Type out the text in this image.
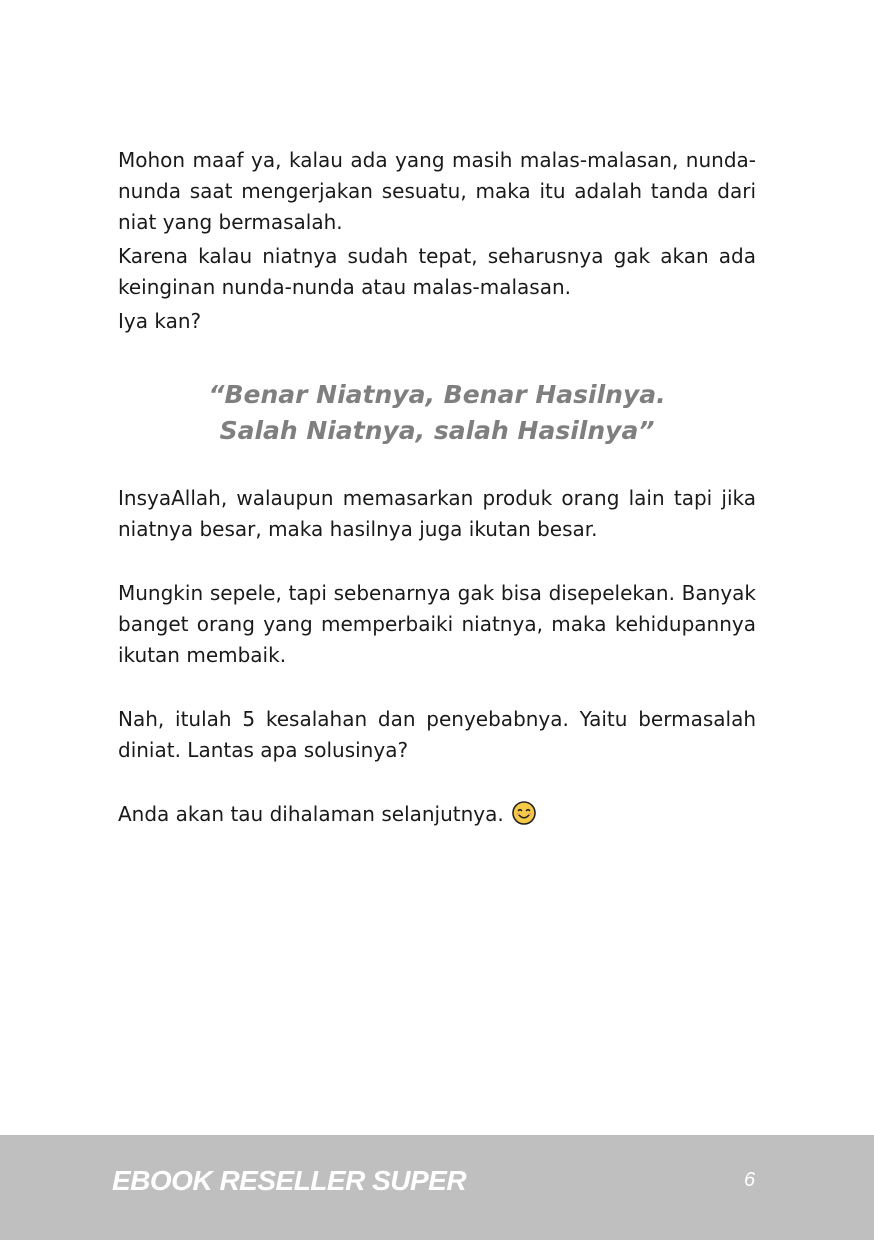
Mohon maaf ya, kalau ada yang masih malas-malasan, nunda-nunda saat mengerjakan sesuatu, maka itu adalah tanda dari niat yang bermasalah.

Karena kalau niatnya sudah tepat, seharusnya gak akan ada keinginan nunda-nunda atau malas-malasan.

Iya kan?

“Benar Niatnya, Benar Hasilnya.
Salah Niatnya, salah Hasilnya”

InsyaAllah, walaupun memasarkan produk orang lain tapi jika niatnya besar, maka hasilnya juga ikutan besar.

Mungkin sepele, tapi sebenarnya gak bisa disepelekan. Banyak banget orang yang memperbaiki niatnya, maka kehidupannya ikutan membaik.

Nah, itulah 5 kesalahan dan penyebabnya. Yaitu bermasalah diniat. Lantas apa solusinya?

Anda akan tau dihalaman selanjutnya.

EBOOK RESELLER SUPER	6
